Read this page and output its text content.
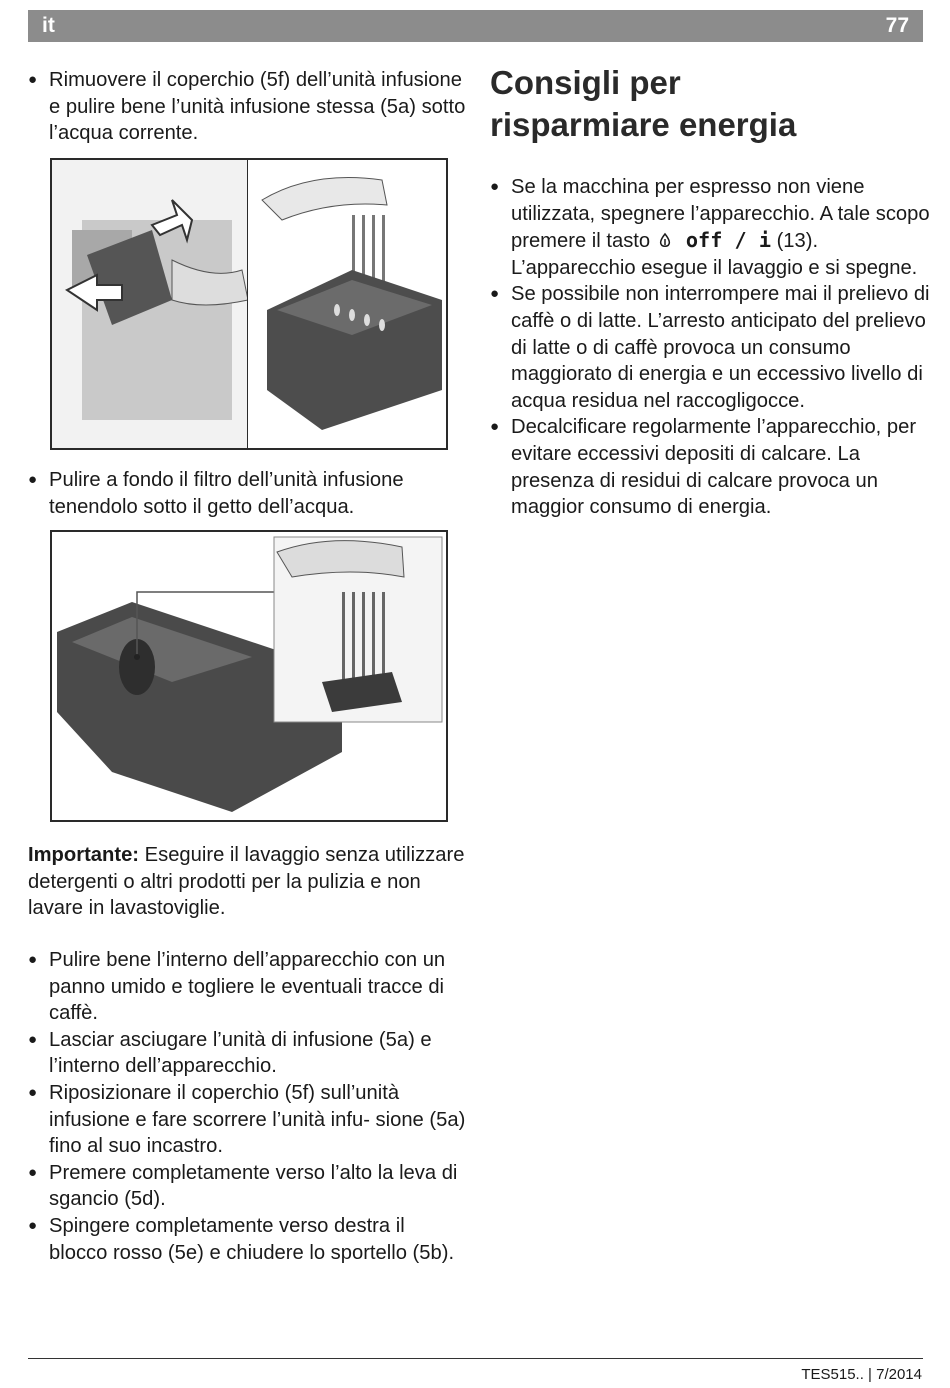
it	77
● Rimuovere il coperchio (5f) dell’unità infusione e pulire bene l’unità infusione stessa (5a) sotto l’acqua corrente.
● Pulire a fondo il filtro dell’unità infusione tenendolo sotto il getto dell’acqua.
Importante: Eseguire il lavaggio senza utilizzare detergenti o altri prodotti per la pulizia e non lavare in lavastoviglie.
● Pulire bene l’interno dell’apparecchio con un panno umido e togliere le eventuali tracce di caffè.
● Lasciar asciugare l’unità di infusione (5a) e l’interno dell’apparecchio.
● Riposizionare il coperchio (5f) sull’unità infusione e fare scorrere l’unità infu- sione (5a) fino al suo incastro.
● Premere completamente verso l’alto la leva di sgancio (5d).
● Spingere completamente verso destra il blocco rosso (5e) e chiudere lo sportello (5b).
Consigli per
risparmiare energia
● Se la macchina per espresso non viene utilizzata, spegnere l’apparecchio. A tale scopo premere il tasto  off / i (13). L’apparecchio esegue il lavaggio e si spegne.
● Se possibile non interrompere mai il prelievo di caffè o di latte. L’arresto anticipato del prelievo di latte o di caffè provoca un consumo maggiorato di energia e un eccessivo livello di acqua residua nel raccogligocce.
● Decalcificare regolarmente l’apparecchio, per evitare eccessivi depositi di calcare. La presenza di residui di calcare provoca un maggior consumo di energia.
TES515.. | 7/2014
